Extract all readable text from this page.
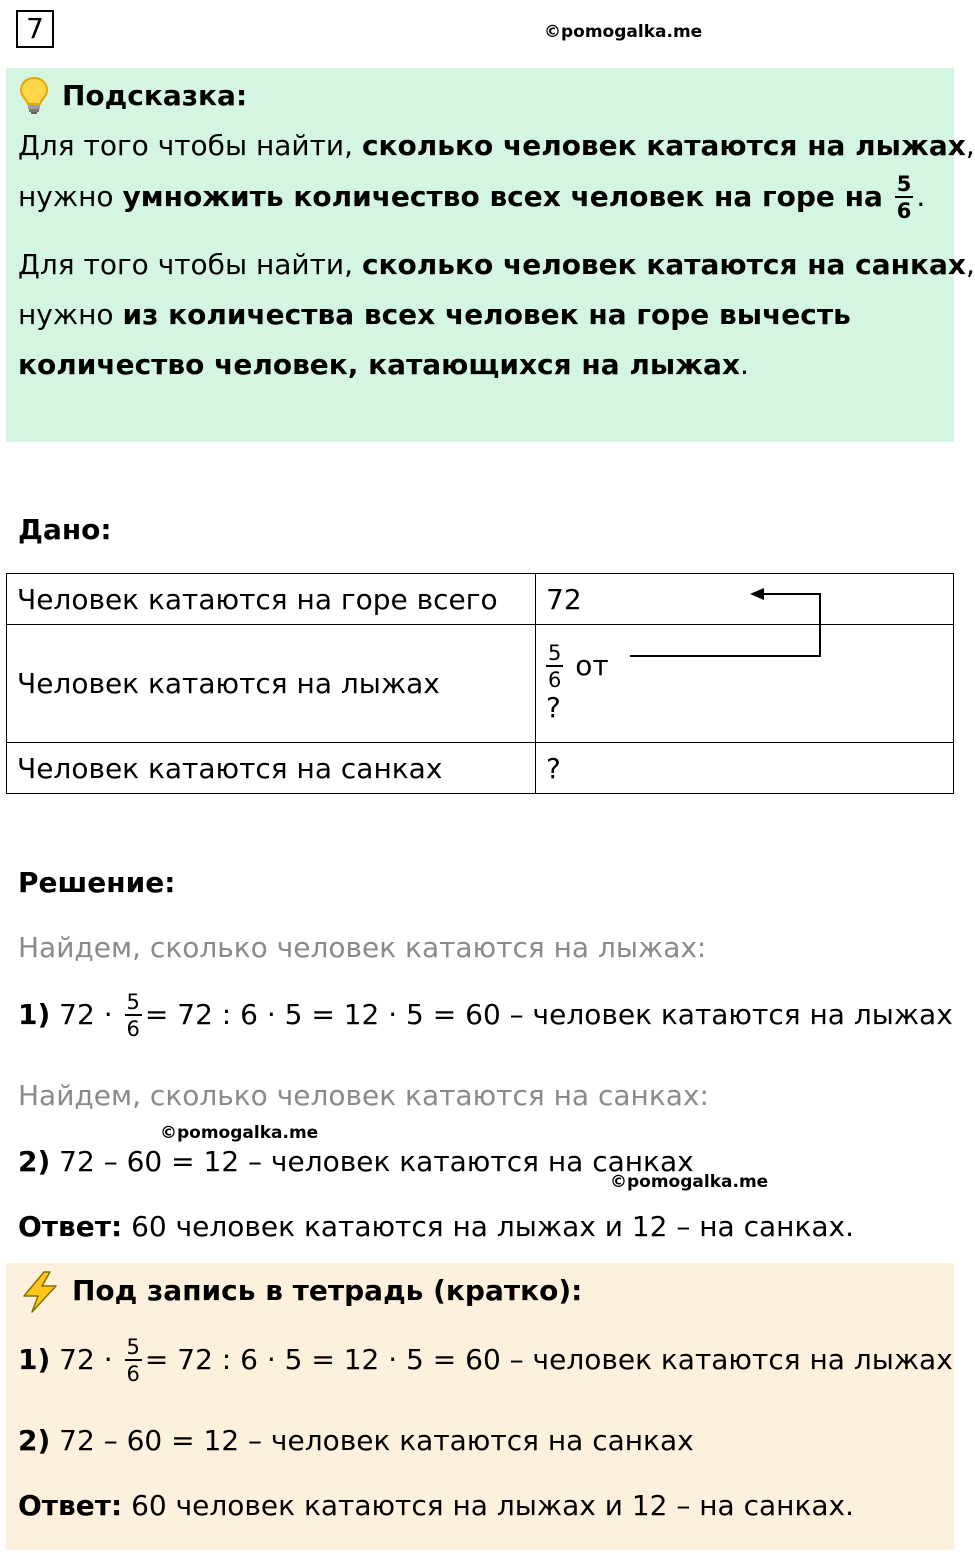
7	©pomogalka.me
Подсказка:
Для того чтобы найти, сколько человек катаются на лыжах,
нужно умножить количество всех человек на горе на $\frac{5}{6}$ .
Для того чтобы найти, сколько человек катаются на санках,
нужно из количества всех человек на горе вычесть
количество человек, катающихся на лыжах.
Дано:
Человек катаются на горе всего	72
Человек катаются на лыжах	$\frac{5}{6}$ от
?

Человек катаются на санках	?
Решение:
Найдем, сколько человек катаются на лыжах:
1) $72 \cdot \frac{5}{6} = 72$ : 6 · 5 = 12 · 5 = 60 – человек катаются на лыжах
Найдем, сколько человек катаются на санках:
©pomogalka.me
2) 72 – 60 = 12 – человек катаются на санках
©pomogalka.me
Ответ: 60 человек катаются на лыжах и 12 – на санках.
Под запись в тетрадь (кратко):
1) $72 \cdot \frac{5}{6} = 72$ : 6 · 5 = 12 · 5 = 60 – человек катаются на лыжах
2) 72 – 60 = 12 – человек катаются на санках
Ответ: 60 человек катаются на лыжах и 12 – на санках.
